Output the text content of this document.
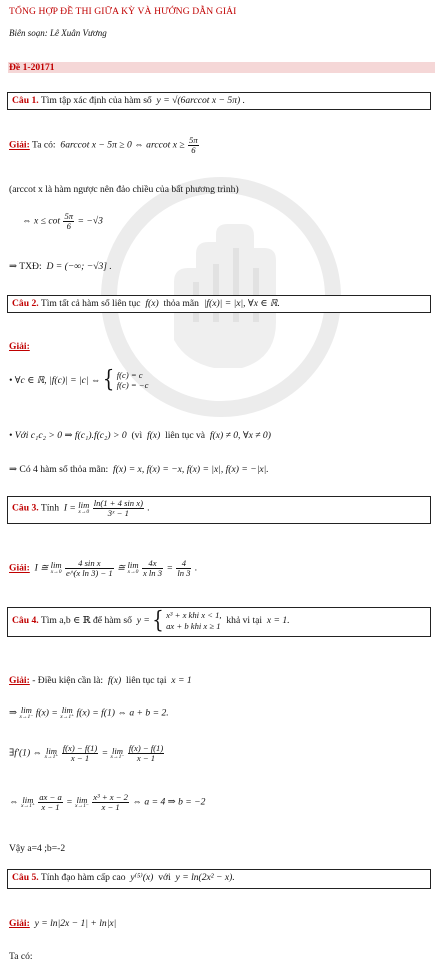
TỔNG HỢP ĐỀ THI GIỮA KỲ VÀ HƯỚNG DẪN GIẢI
Biên soạn: Lê Xuân Vương
Đề 1-20171
Câu 1. Tìm tập xác định của hàm số  y = √(6arccot x − 5π) .
Giải: Ta có:  6arccot x − 5π ≥ 0 ⇔ arccot $x \ge \frac{5\pi}{6}$
(arccot x là hàm ngược nên đảo chiều của bất phương trình)
⇔ $x \le \cot \frac{5\pi}{6} = -√3$
⇒ TXĐ:  D = (−∞; −√3] .
Câu 2. Tìm tất cả hàm số liên tục  f(x)  thỏa mãn  |f(x)| = |x|, ∀x ∈ ℝ.
Giải:
• ∀c ∈ ℝ, |f(c)| = |c| ⇔ { f(c) = c
f(c) = −c
• Với c₁c₂ > 0 ⇒ f(c₁).f(c₂) > 0  (vì  f(x)  liên tục và  f(x) ≠ 0, ∀x ≠ 0)
⇒ Có 4 hàm số thỏa mãn:  f(x) = x, f(x) = −x, f(x) = |x|, f(x) = −|x|.
Câu 3. Tính  I = lim
x→0
$\frac{\text{ln(1 + 4 sin x)}}{\text{3ˣ − 1}}$ .
Giải:  I ≅ lim
x→0
$\frac{\text{4 sin x}}{\text{e\textasciicircum{}(x ln 3) − 1}}$ ≅ lim
x→0
$\frac{4x}{\text{x ln 3}} = \frac{4}{\ln 3}$ .
Câu 4. Tìm a,b ∈ ℝ để hàm số  y = { x³ + x khi x < 1,
ax + b khi x ≥ 1 khả vi tại  x = 1.
Giải: - Điều kiện cần là:  f(x)  liên tục tại  x = 1
⇒ lim
x→1⁻ f(x) = lim
x→1⁺ f(x) = f(1) ⇔ a + b = 2.
∃f′(1) ⇔ lim
x→1⁺
$\frac{f(x) - f(1)}{x - 1} = \lim$
x→1⁻
$\frac{f(x) - f(1)}{x - 1}$
⇔ lim
x→1⁺
$\frac{ax - a}{x - 1} = \lim$
x→1⁻
$\frac{\text{x³ + x − 2}}{x - 1}$ ⇔ a = 4 ⇒ b = −2
Vậy a=4 ;b=-2
Câu 5. Tính đạo hàm cấp cao  y⁽⁵⁾(x)  với  y = ln(2x² − x).
Giải:  y = ln|2x − 1| + ln|x|
Ta có:
